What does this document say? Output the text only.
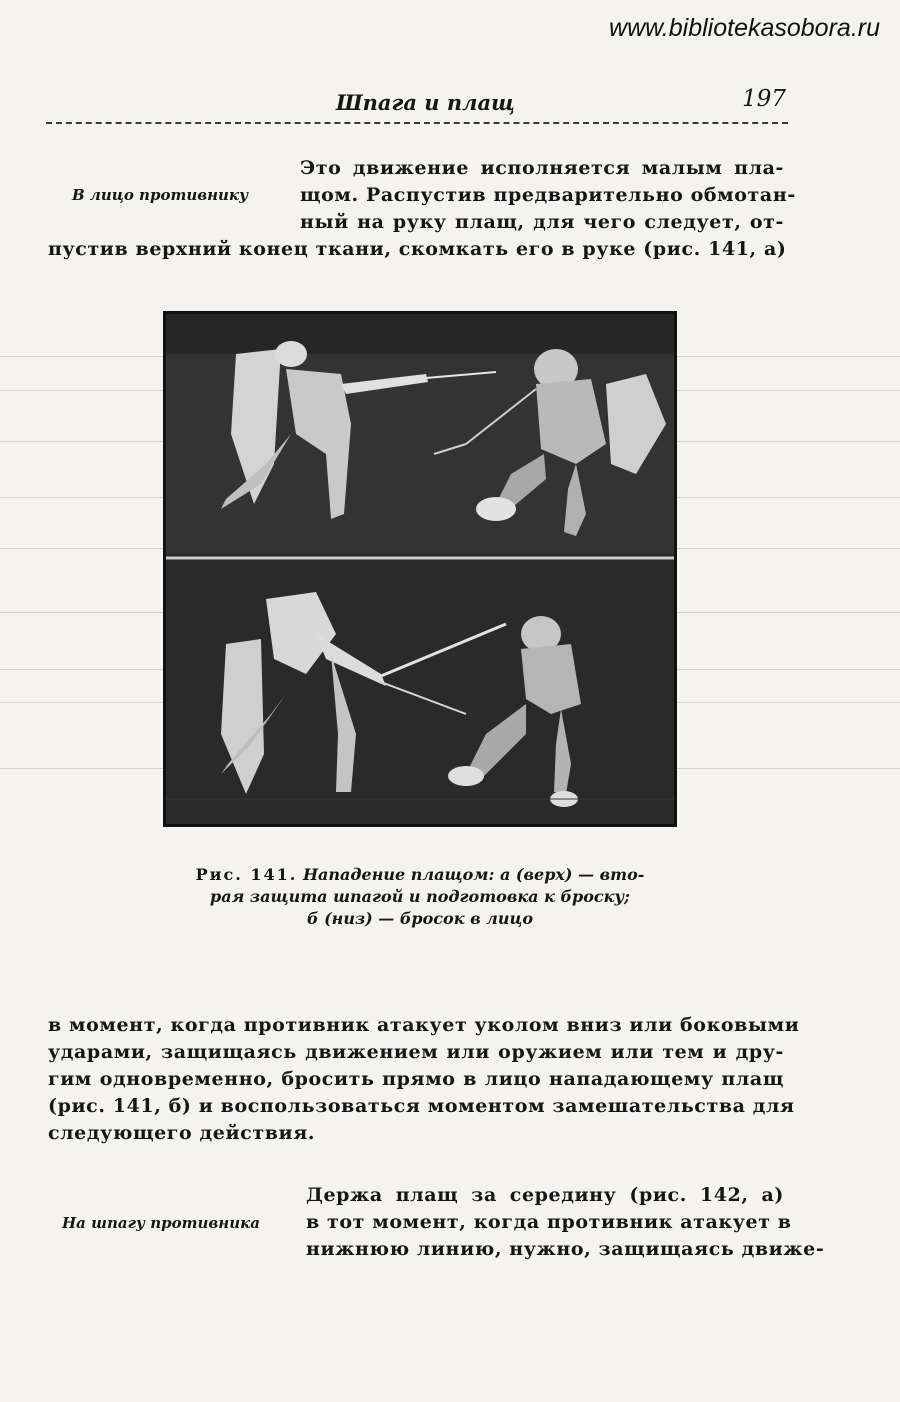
www.bibliotekasobora.ru
Шпага и плащ	197
В лицо противнику
Это движение исполняется малым пла-
щом. Распустив предварительно обмотан-
ный на руку плащ, для чего следует, от-
пустив верхний конец ткани, скомкать его в руке (рис. 141, а)
Рис. 141. Нападение плащом: а (верх) — вто-
рая защита шпагой и подготовка к броску;
б (низ) — бросок в лицо
в момент, когда противник атакует уколом вниз или боковыми
ударами, защищаясь движением или оружием или тем и дру-
гим одновременно, бросить прямо в лицо нападающему плащ
(рис. 141, б) и воспользоваться моментом замешательства для
следующего действия.
На шпагу противника
Держа плащ за середину (рис. 142, а)
в тот момент, когда противник атакует в
нижнюю линию, нужно, защищаясь движе-
